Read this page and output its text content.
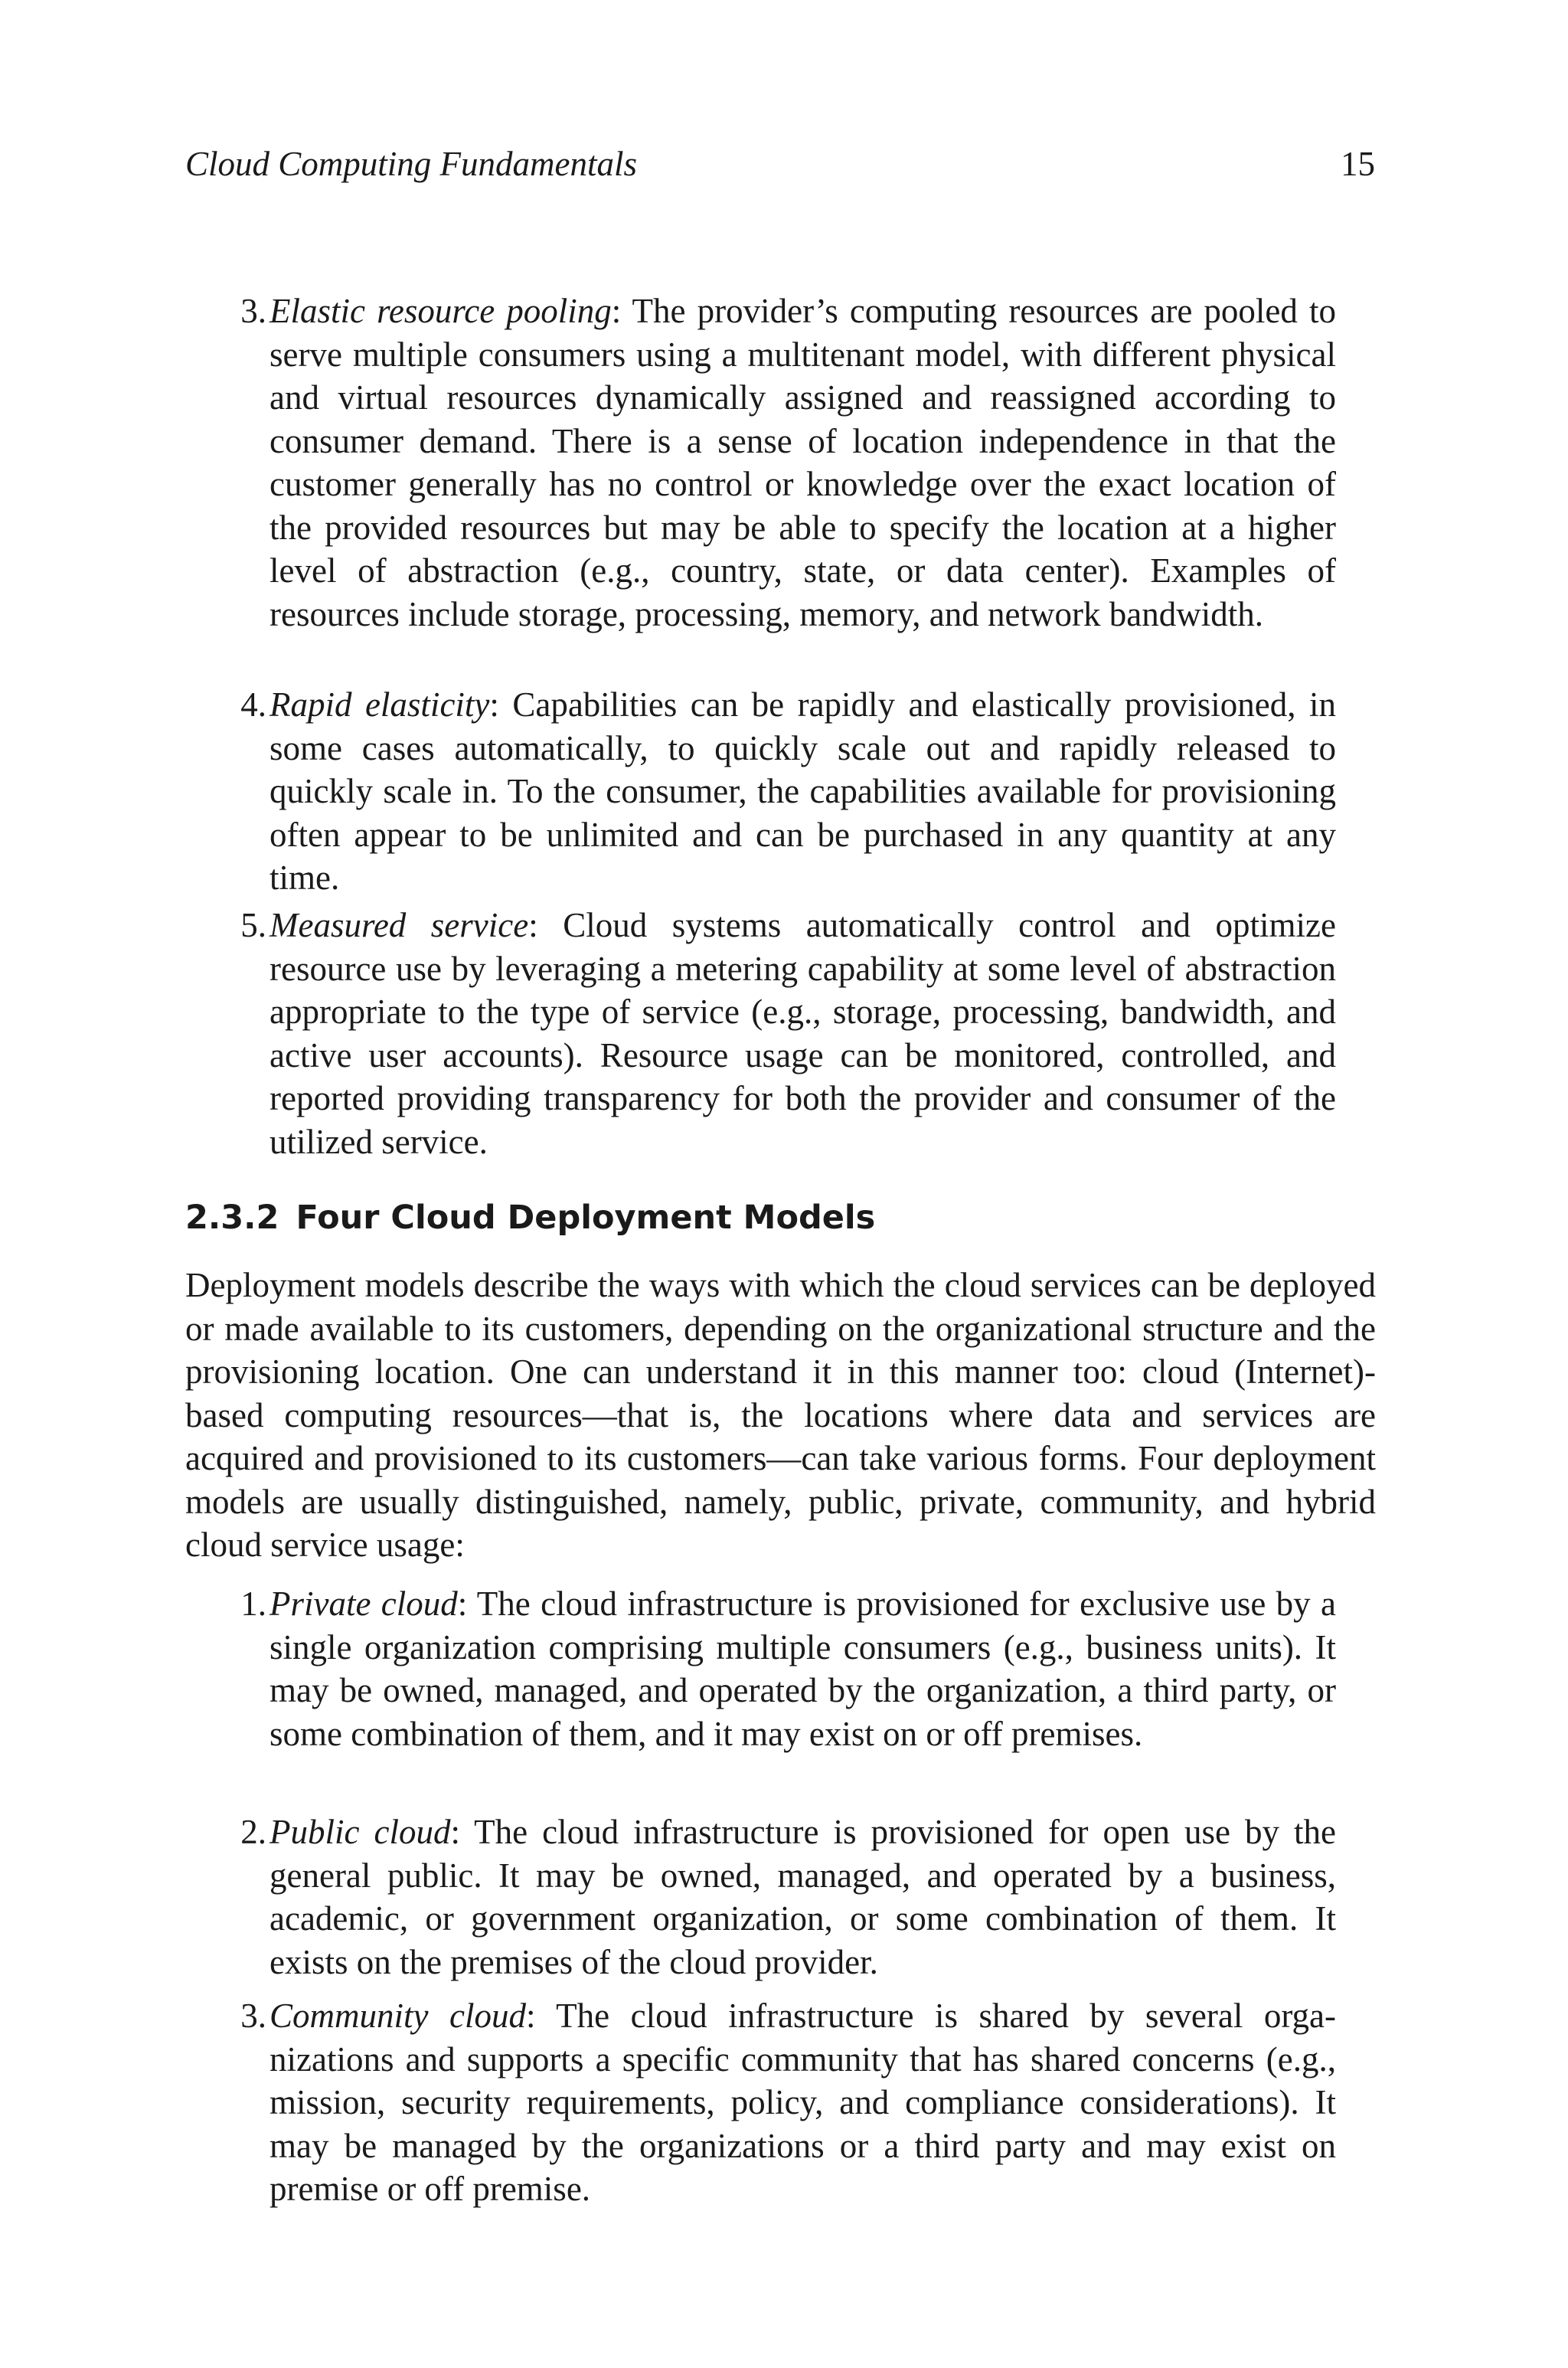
Cloud Computing Fundamentals	15
3. Elastic resource pooling: The provider’s computing resources are pooled to serve multiple consumers using a multitenant model, with different physical and virtual resources dynamically assigned and reassigned according to consumer demand. There is a sense of location independence in that the customer generally has no control or knowledge over the exact location of the provided resources but may be able to specify the location at a higher level of abstraction (e.g., country, state, or data center). Examples of resources include storage, processing, memory, and network bandwidth.
4. Rapid elasticity: Capabilities can be rapidly and elastically provisioned, in some cases automatically, to quickly scale out and rapidly released to quickly scale in. To the consumer, the capabilities available for provisioning often appear to be unlimited and can be purchased in any quantity at any time.
5. Measured service: Cloud systems automatically control and optimize resource use by leveraging a metering capability at some level of abstraction appropriate to the type of service (e.g., storage, processing, bandwidth, and active user accounts). Resource usage can be monitored, controlled, and reported providing transparency for both the provider and consumer of the utilized service.
2.3.2 Four Cloud Deployment Models
Deployment models describe the ways with which the cloud services can be deployed or made available to its customers, depending on the organizational structure and the provisioning location. One can understand it in this manner too: cloud (Internet)-based computing resources—that is, the locations where data and services are acquired and provisioned to its customers—can take various forms. Four deployment models are usually distinguished, namely, public, private, community, and hybrid cloud service usage:
1. Private cloud: The cloud infrastructure is provisioned for exclusive use by a single organization comprising multiple consumers (e.g., business units). It may be owned, managed, and operated by the organization, a third party, or some combination of them, and it may exist on or off premises.
2. Public cloud: The cloud infrastructure is provisioned for open use by the general public. It may be owned, managed, and operated by a business, academic, or government organization, or some combination of them. It exists on the premises of the cloud provider.
3. Community cloud: The cloud infrastructure is shared by several organizations and supports a specific community that has shared concerns (e.g., mission, security requirements, policy, and compliance considerations). It may be managed by the organizations or a third party and may exist on premise or off premise.
